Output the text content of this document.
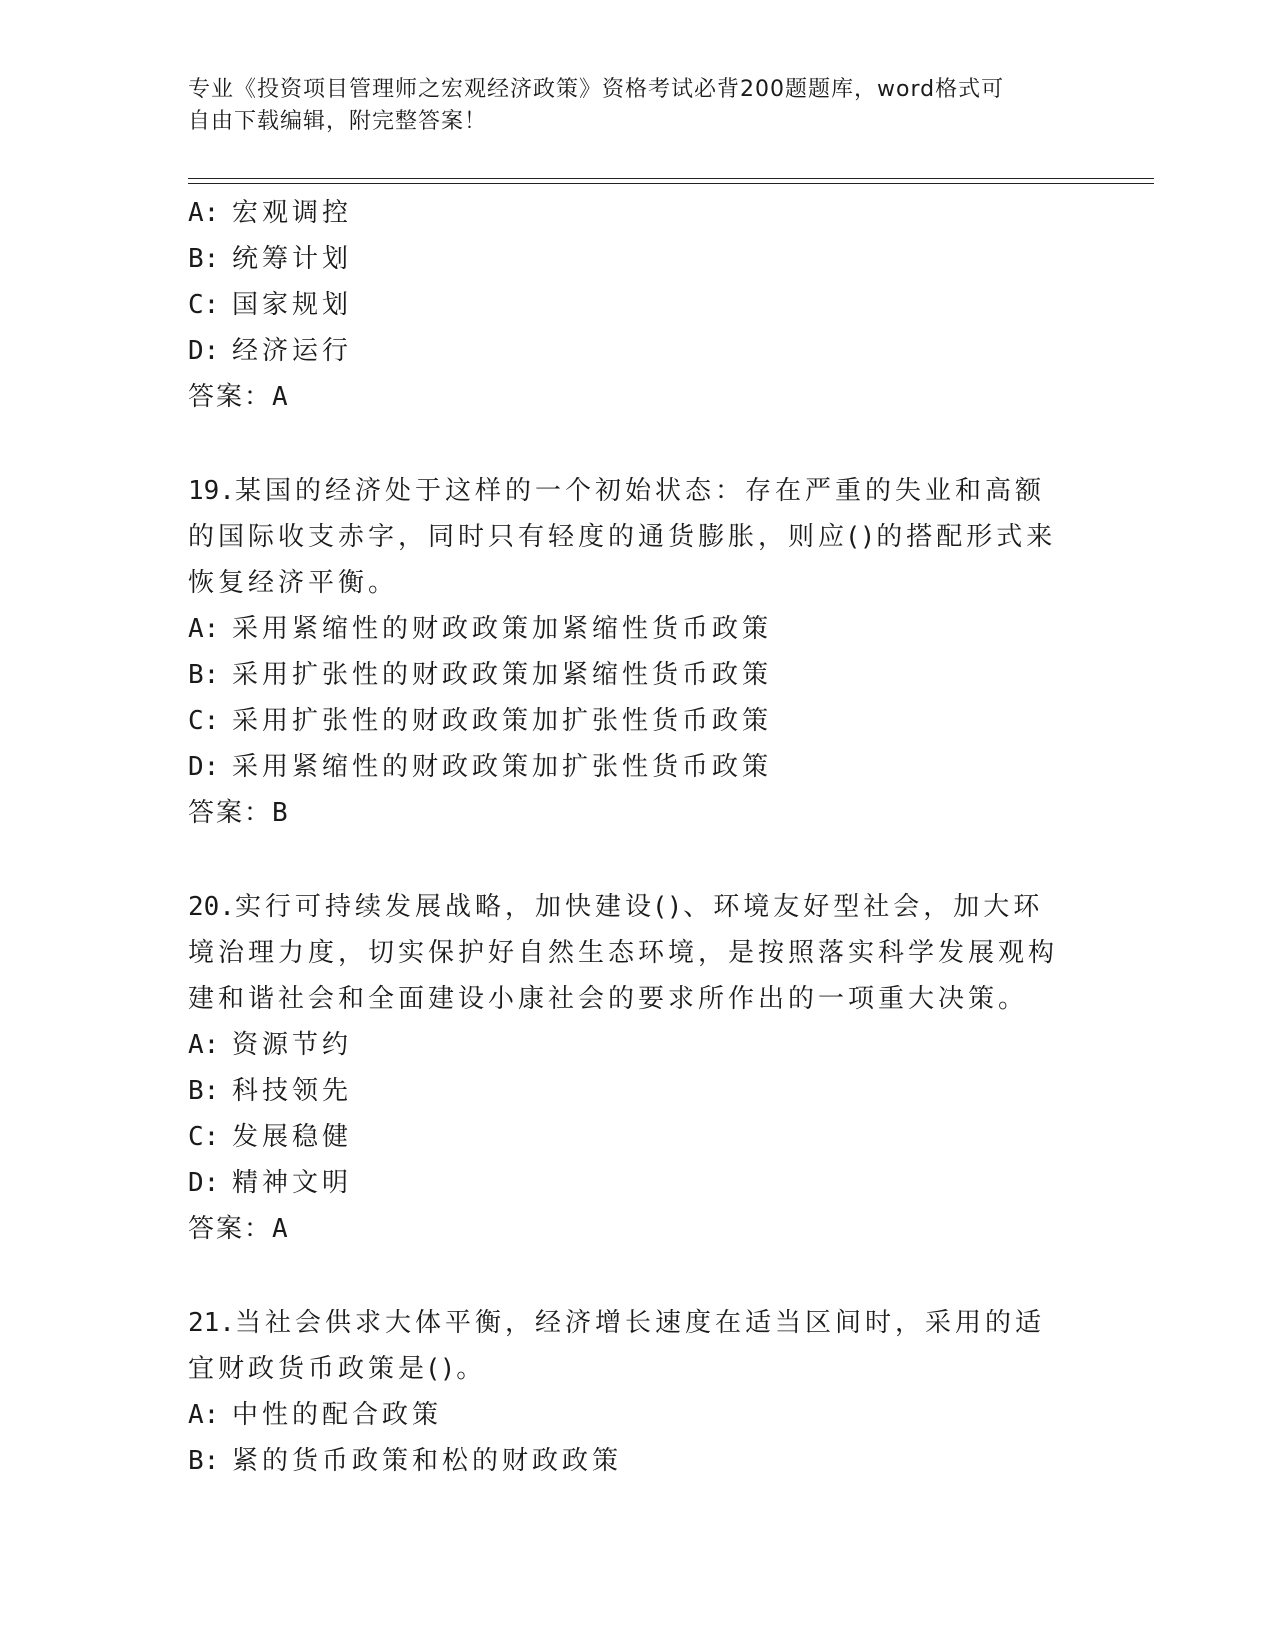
专业《投资项目管理师之宏观经济政策》资格考试必背200题题库，word格式可
自由下载编辑，附完整答案！
A: 宏观调控
B: 统筹计划
C: 国家规划
D: 经济运行
答案：A
19.某国的经济处于这样的一个初始状态：存在严重的失业和高额的国际收支赤字，同时只有轻度的通货膨胀，则应()的搭配形式来恢复经济平衡。
A: 采用紧缩性的财政政策加紧缩性货币政策
B: 采用扩张性的财政政策加紧缩性货币政策
C: 采用扩张性的财政政策加扩张性货币政策
D: 采用紧缩性的财政政策加扩张性货币政策
答案：B
20.实行可持续发展战略，加快建设()、环境友好型社会，加大环境治理力度，切实保护好自然生态环境，是按照落实科学发展观构建和谐社会和全面建设小康社会的要求所作出的一项重大决策。
A: 资源节约
B: 科技领先
C: 发展稳健
D: 精神文明
答案：A
21.当社会供求大体平衡，经济增长速度在适当区间时，采用的适宜财政货币政策是()。
A: 中性的配合政策
B: 紧的货币政策和松的财政政策
